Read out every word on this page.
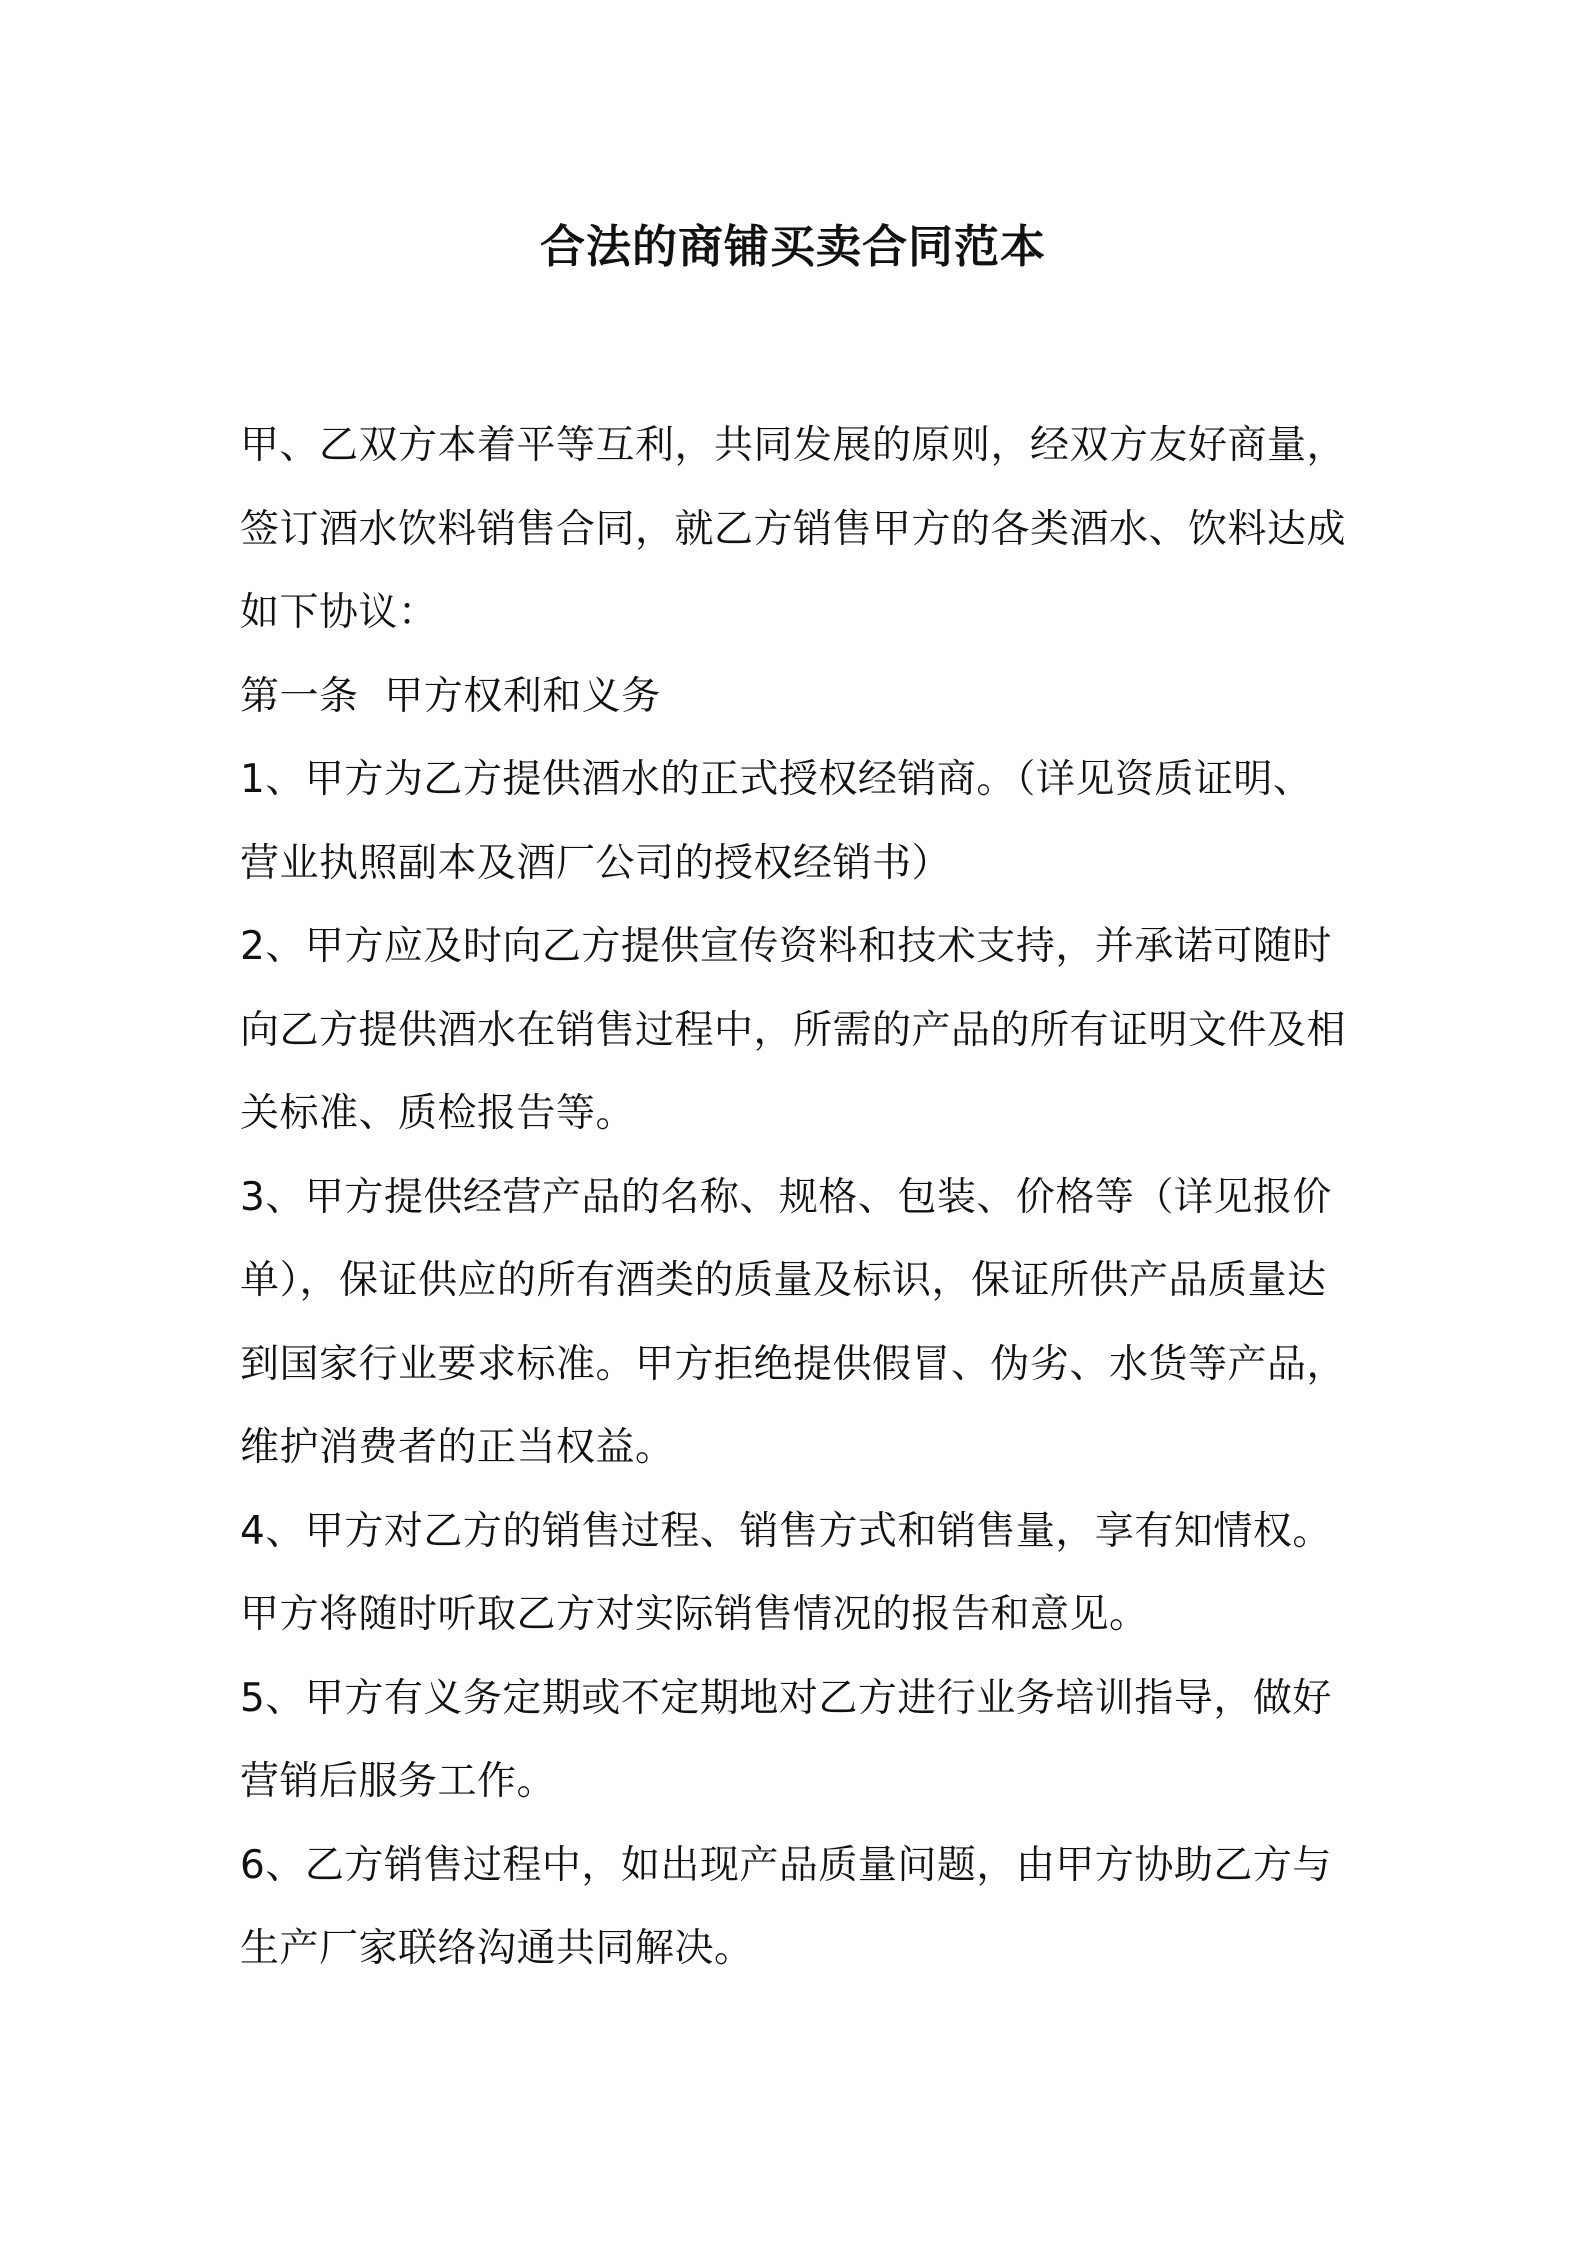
合法的商铺买卖合同范本

甲、乙双方本着平等互利，共同发展的原则，经双方友好商量，签订酒水饮料销售合同，就乙方销售甲方的各类酒水、饮料达成如下协议：

第一条  甲方权利和义务

1、甲方为乙方提供酒水的正式授权经销商。（详见资质证明、营业执照副本及酒厂公司的授权经销书）

2、甲方应及时向乙方提供宣传资料和技术支持，并承诺可随时向乙方提供酒水在销售过程中，所需的产品的所有证明文件及相关标准、质检报告等。

3、甲方提供经营产品的名称、规格、包装、价格等（详见报价单），保证供应的所有酒类的质量及标识，保证所供产品质量达到国家行业要求标准。甲方拒绝提供假冒、伪劣、水货等产品，维护消费者的正当权益。

4、甲方对乙方的销售过程、销售方式和销售量，享有知情权。甲方将随时听取乙方对实际销售情况的报告和意见。

5、甲方有义务定期或不定期地对乙方进行业务培训指导，做好营销后服务工作。

6、乙方销售过程中，如出现产品质量问题，由甲方协助乙方与生产厂家联络沟通共同解决。
